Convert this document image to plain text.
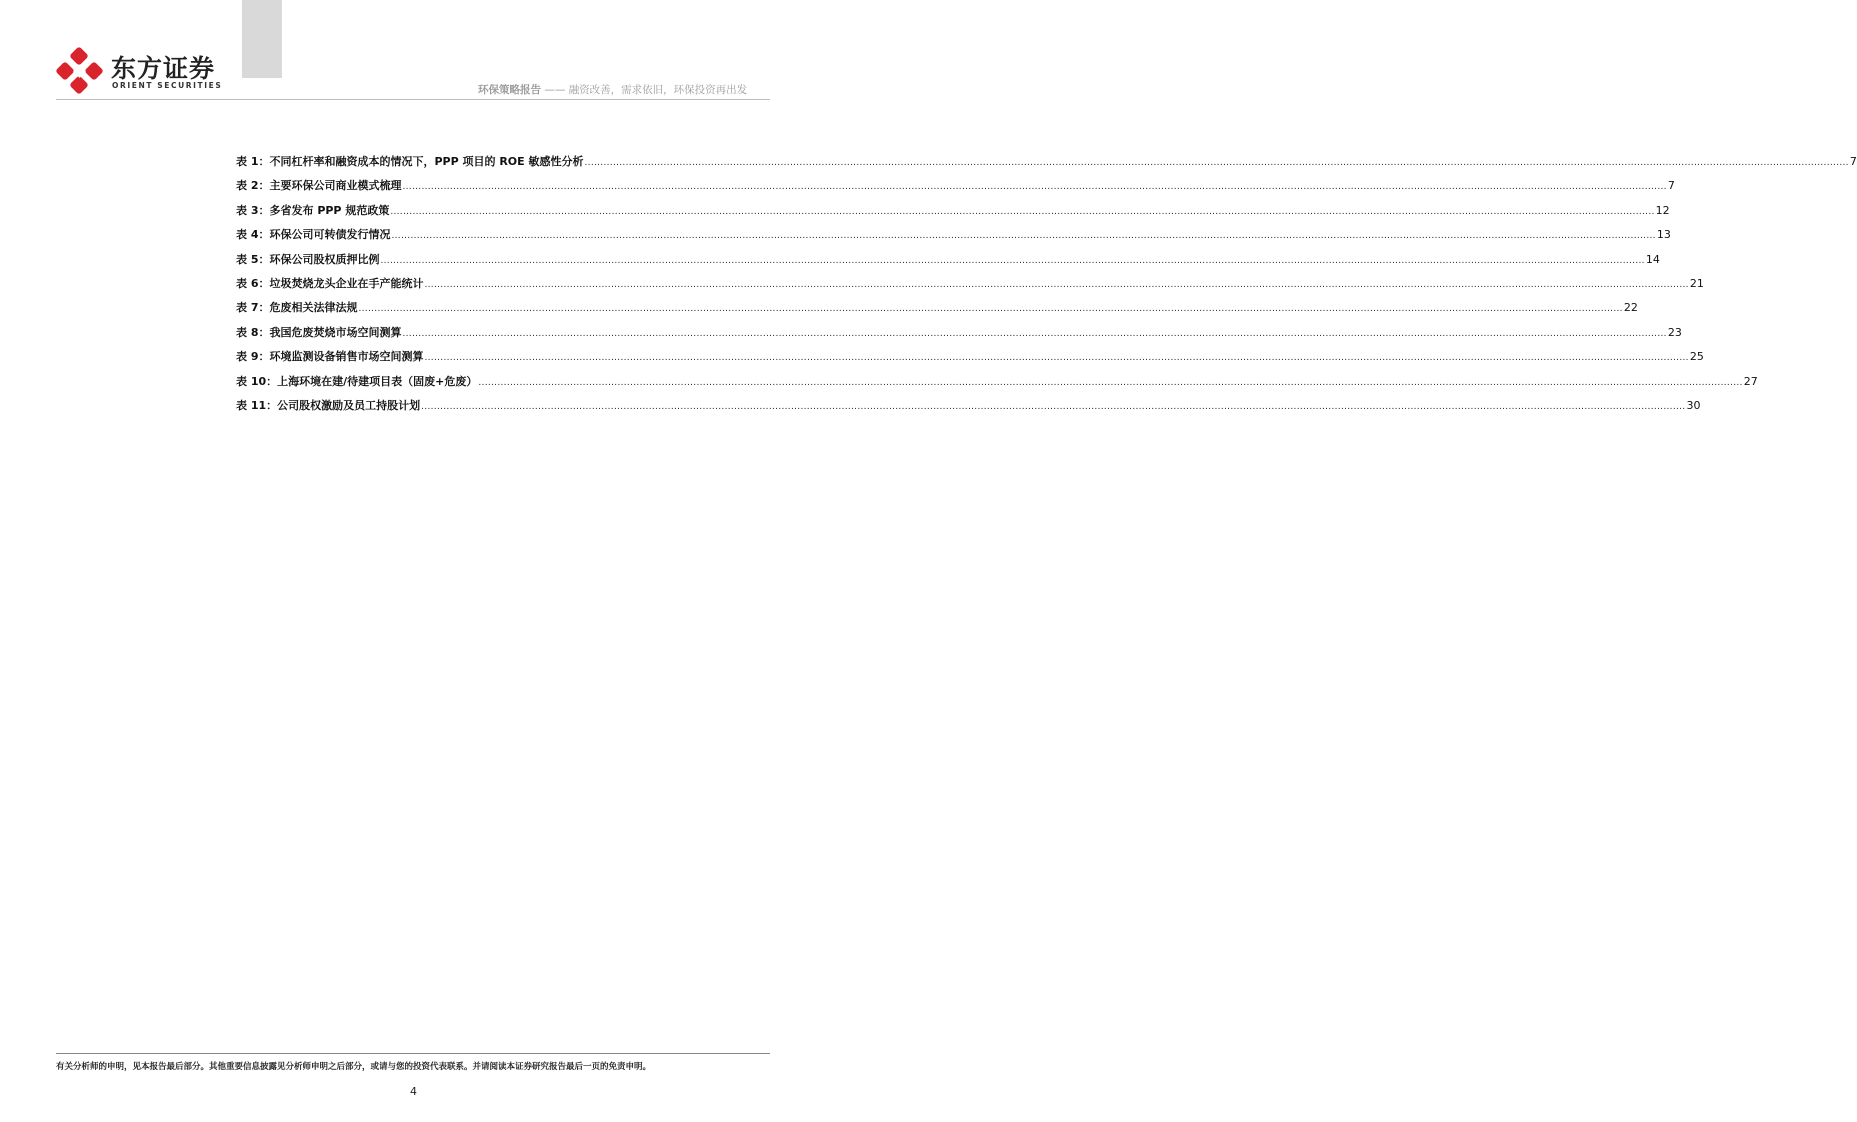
东方证券
ORIENT SECURITIES	环保策略报告 —— 融资改善，需求依旧，环保投资再出发
表 1：不同杠杆率和融资成本的情况下，PPP 项目的 ROE 敏感性分析 ................................................................................................................................................................................................................................................................................................................................................................................................................ 7
表 2：主要环保公司商业模式梳理 ................................................................................................................................................................................................................................................................................................................................................................................................................ 7
表 3：多省发布 PPP 规范政策 ................................................................................................................................................................................................................................................................................................................................................................................................................ 12
表 4：环保公司可转债发行情况 ................................................................................................................................................................................................................................................................................................................................................................................................................ 13
表 5：环保公司股权质押比例 ................................................................................................................................................................................................................................................................................................................................................................................................................ 14
表 6：垃圾焚烧龙头企业在手产能统计 ................................................................................................................................................................................................................................................................................................................................................................................................................ 21
表 7：危废相关法律法规 ................................................................................................................................................................................................................................................................................................................................................................................................................ 22
表 8：我国危废焚烧市场空间测算 ................................................................................................................................................................................................................................................................................................................................................................................................................ 23
表 9：环境监测设备销售市场空间测算 ................................................................................................................................................................................................................................................................................................................................................................................................................ 25
表 10：上海环境在建/待建项目表（固废+危废） ................................................................................................................................................................................................................................................................................................................................................................................................................ 27
表 11：公司股权激励及员工持股计划 ................................................................................................................................................................................................................................................................................................................................................................................................................ 30
有关分析师的申明，见本报告最后部分。其他重要信息披露见分析师申明之后部分，或请与您的投资代表联系。并请阅读本证券研究报告最后一页的免责申明。
4
